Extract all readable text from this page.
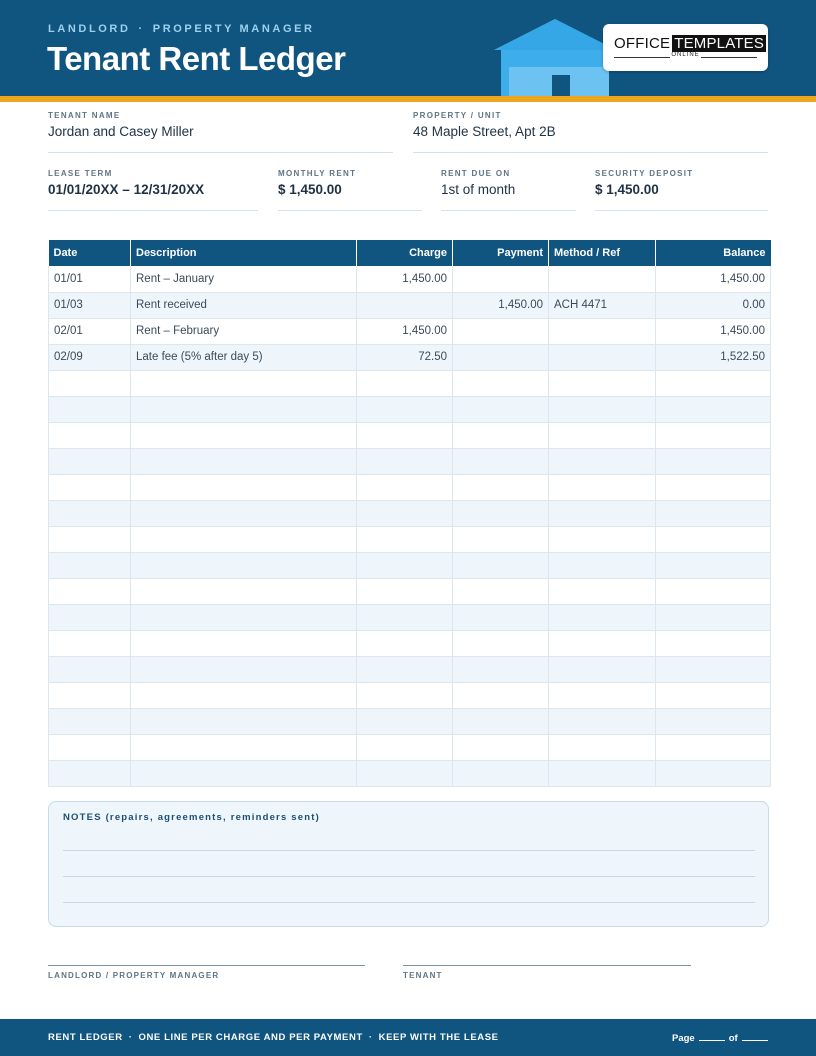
LANDLORD · PROPERTY MANAGER
Tenant Rent Ledger	OFFICE TEMPLATES
ONLINE
TENANT NAME
Jordan and Casey Miller
PROPERTY / UNIT
48 Maple Street, Apt 2B
LEASE TERM
01/01/20XX – 12/31/20XX
MONTHLY RENT
$ 1,450.00
RENT DUE ON
1st of month
SECURITY DEPOSIT
$ 1,450.00
Date	Description	Charge	Payment	Method / Ref	Balance
01/01	Rent – January	1,450.00			1,450.00
01/03	Rent received		1,450.00	ACH 4471	0.00
02/01	Rent – February	1,450.00			1,450.00
02/09	Late fee (5% after day 5)	72.50			1,522.50

NOTES (repairs, agreements, reminders sent)
LANDLORD / PROPERTY MANAGER	TENANT
RENT LEDGER · ONE LINE PER CHARGE AND PER PAYMENT · KEEP WITH THE LEASE	Page	of
